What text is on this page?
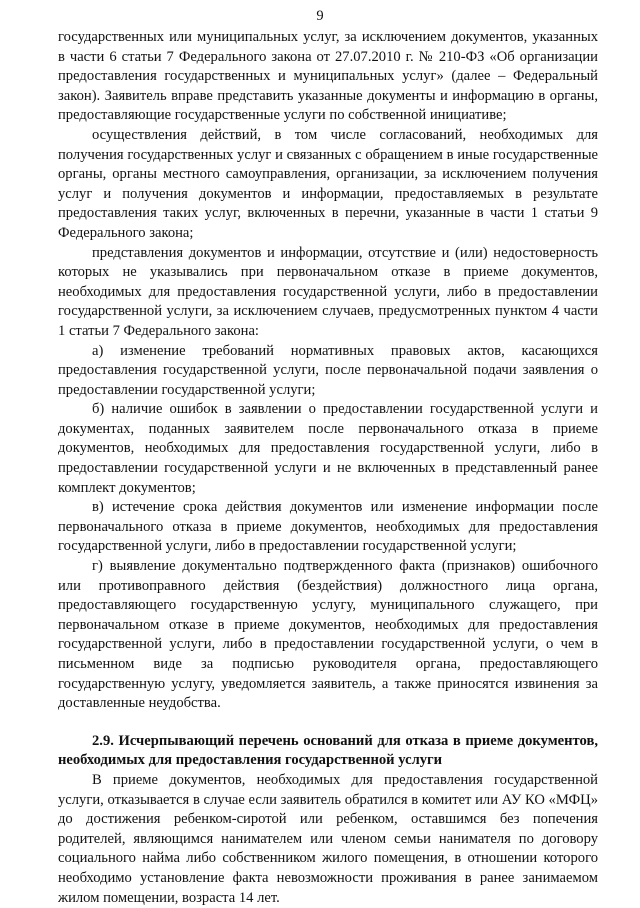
9

государственных или муниципальных услуг, за исключением документов, указанных в части 6 статьи 7 Федерального закона от 27.07.2010 г. № 210-ФЗ «Об организации предоставления государственных и муниципальных услуг» (далее – Федеральный закон). Заявитель вправе представить указанные документы и информацию в органы, предоставляющие государственные услуги по собственной инициативе;

осуществления действий, в том числе согласований, необходимых для получения государственных услуг и связанных с обращением в иные государственные органы, органы местного самоуправления, организации, за исключением получения услуг и получения документов и информации, предоставляемых в результате предоставления таких услуг, включенных в перечни, указанные в части 1 статьи 9 Федерального закона;

представления документов и информации, отсутствие и (или) недостоверность которых не указывались при первоначальном отказе в приеме документов, необходимых для предоставления государственной услуги, либо в предоставлении государственной услуги, за исключением случаев, предусмотренных пунктом 4 части 1 статьи 7 Федерального закона:

а) изменение требований нормативных правовых актов, касающихся предоставления государственной услуги, после первоначальной подачи заявления о предоставлении государственной услуги;

б) наличие ошибок в заявлении о предоставлении государственной услуги и документах, поданных заявителем после первоначального отказа в приеме документов, необходимых для предоставления государственной услуги, либо в предоставлении государственной услуги и не включенных в представленный ранее комплект документов;

в) истечение срока действия документов или изменение информации после первоначального отказа в приеме документов, необходимых для предоставления государственной услуги, либо в предоставлении государственной услуги;

г) выявление документально подтвержденного факта (признаков) ошибочного или противоправного действия (бездействия) должностного лица органа, предоставляющего государственную услугу, муниципального служащего, при первоначальном отказе в приеме документов, необходимых для предоставления государственной услуги, либо в предоставлении государственной услуги, о чем в письменном виде за подписью руководителя органа, предоставляющего государственную услугу, уведомляется заявитель, а также приносятся извинения за доставленные неудобства.

2.9. Исчерпывающий перечень оснований для отказа в приеме документов, необходимых для предоставления государственной услуги

В приеме документов, необходимых для предоставления государственной услуги, отказывается в случае если заявитель обратился в комитет или АУ КО «МФЦ» до достижения ребенком-сиротой или ребенком, оставшимся без попечения родителей, являющимся нанимателем или членом семьи нанимателя по договору социального найма либо собственником жилого помещения, в отношении которого необходимо установление факта невозможности проживания в ранее занимаемом жилом помещении, возраста 14 лет.
